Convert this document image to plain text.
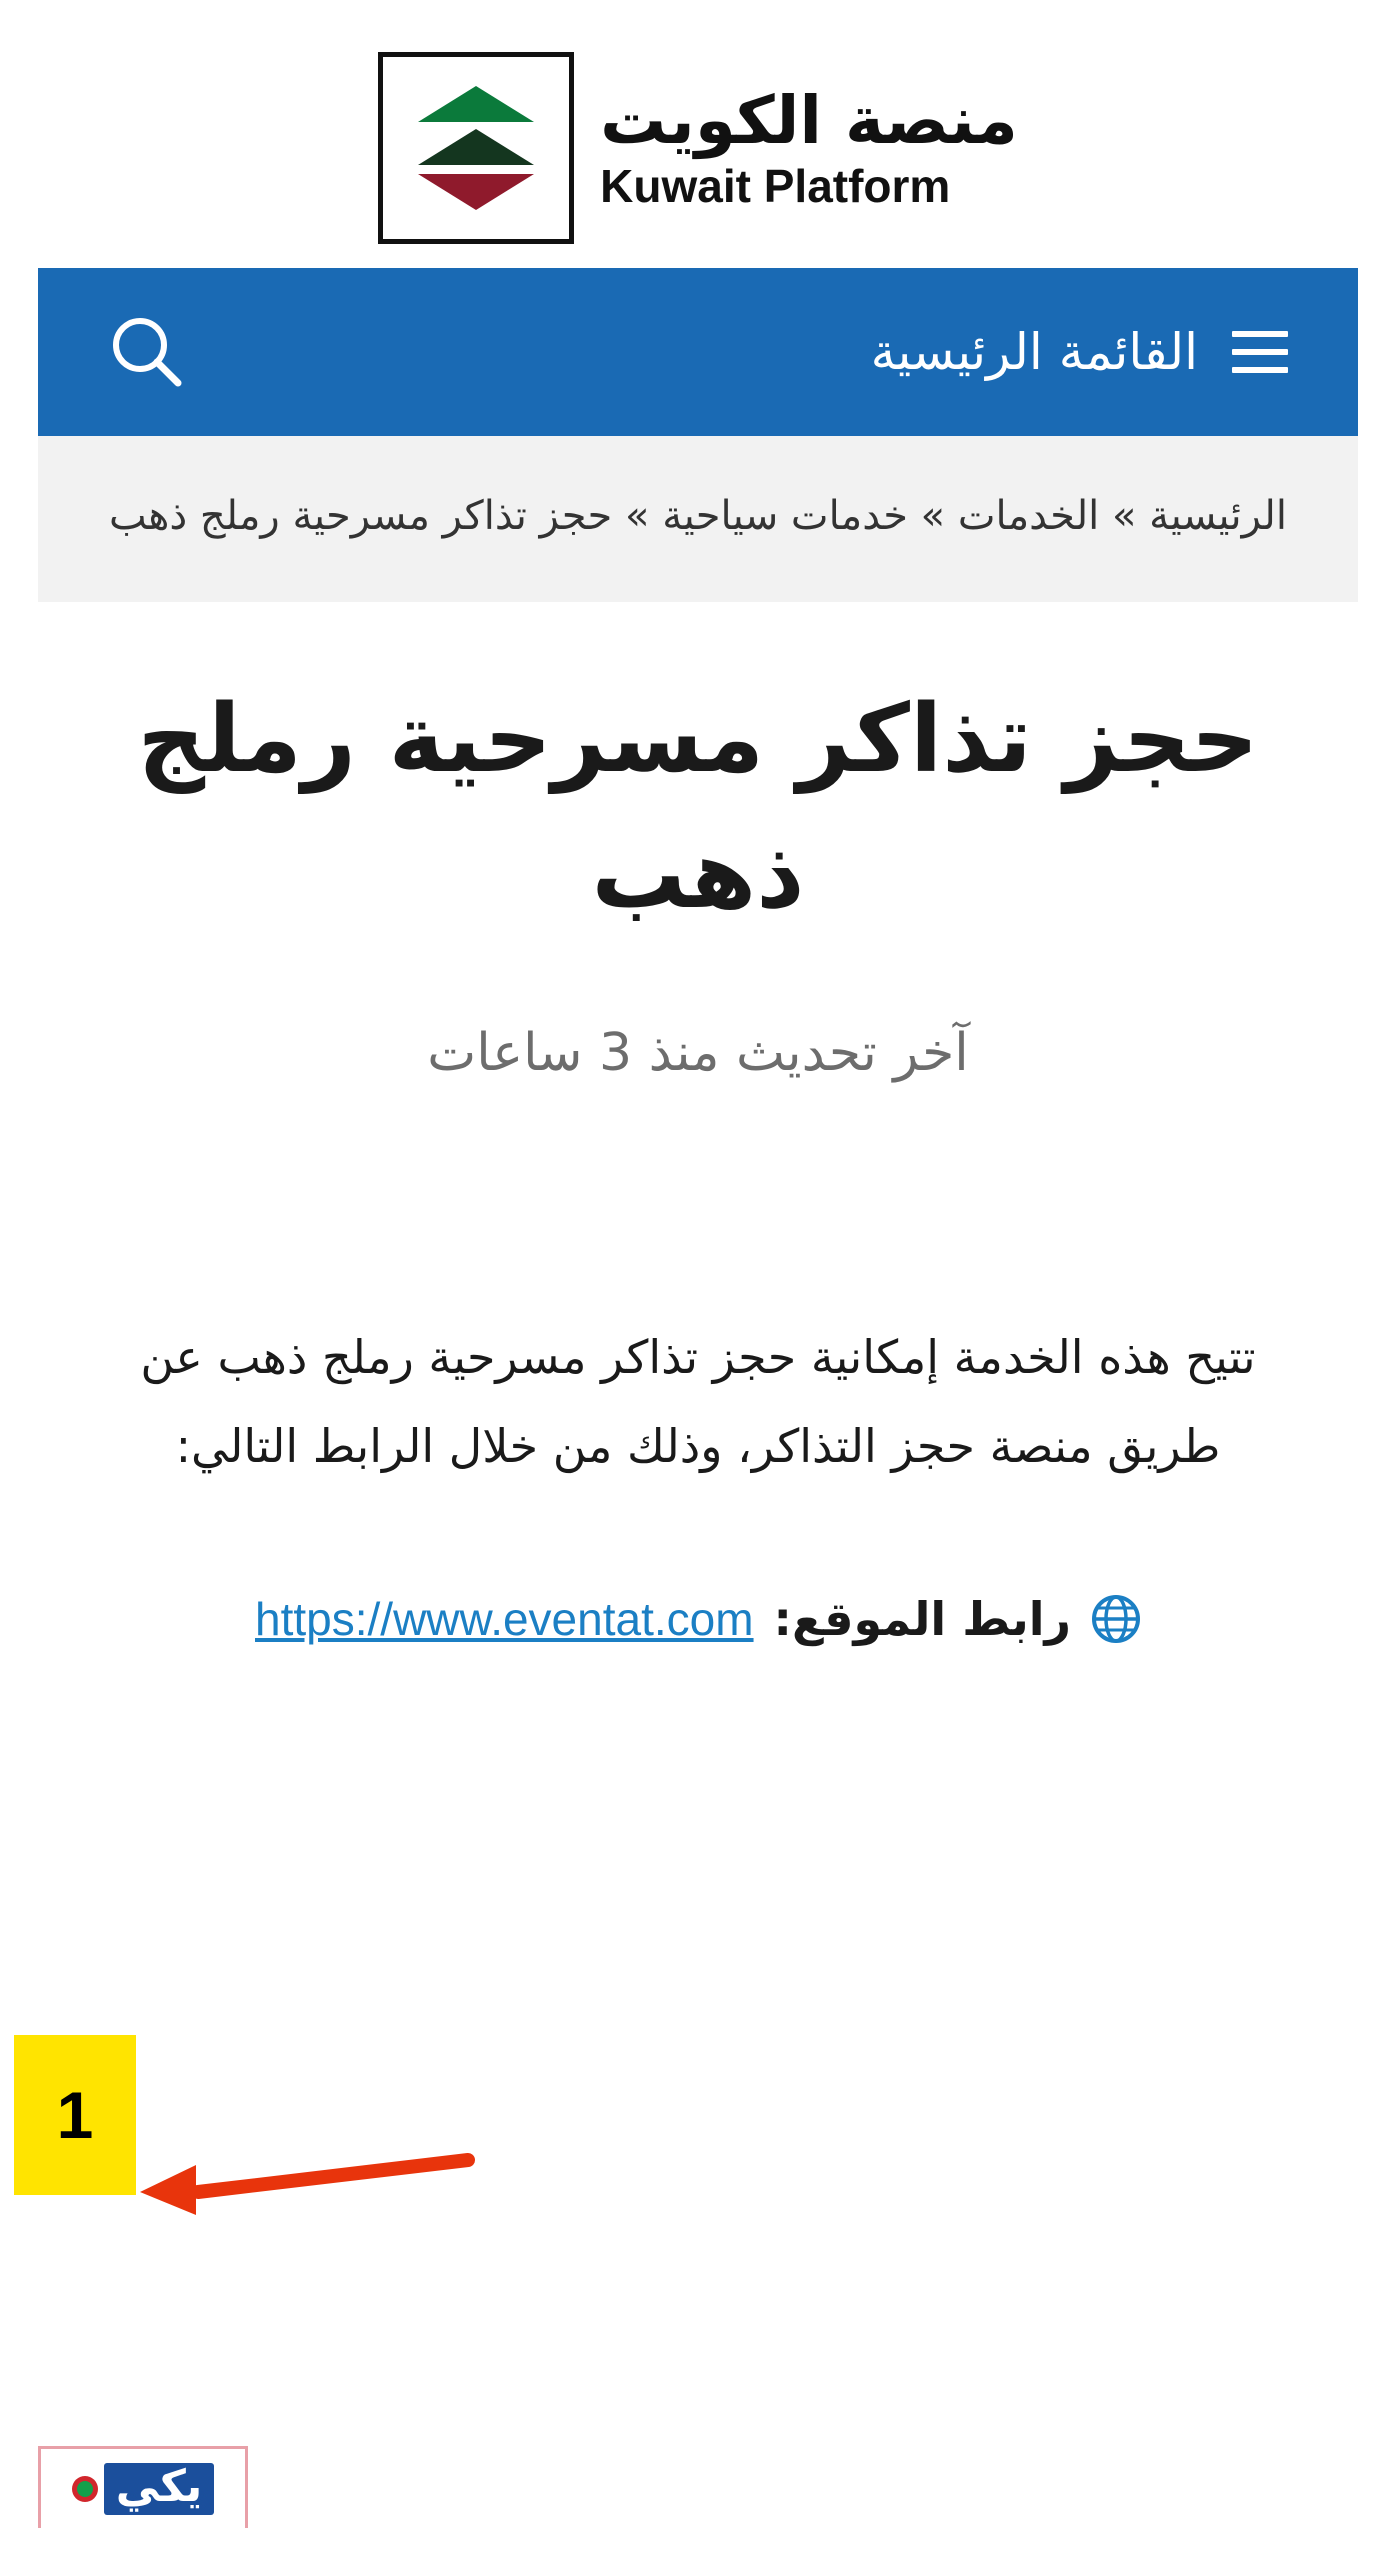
منصة الكويت
Kuwait Platform
القائمة الرئيسية
الرئيسية » الخدمات » خدمات سياحية » حجز تذاكر مسرحية رملج ذهب
حجز تذاكر مسرحية رملج ذهب
آخر تحديث منذ 3 ساعات

تتيح هذه الخدمة إمكانية حجز تذاكر مسرحية رملج ذهب عن طريق منصة حجز التذاكر، وذلك من خلال الرابط التالي:

رابط الموقع:
https://www.eventat.com
يكي
1
